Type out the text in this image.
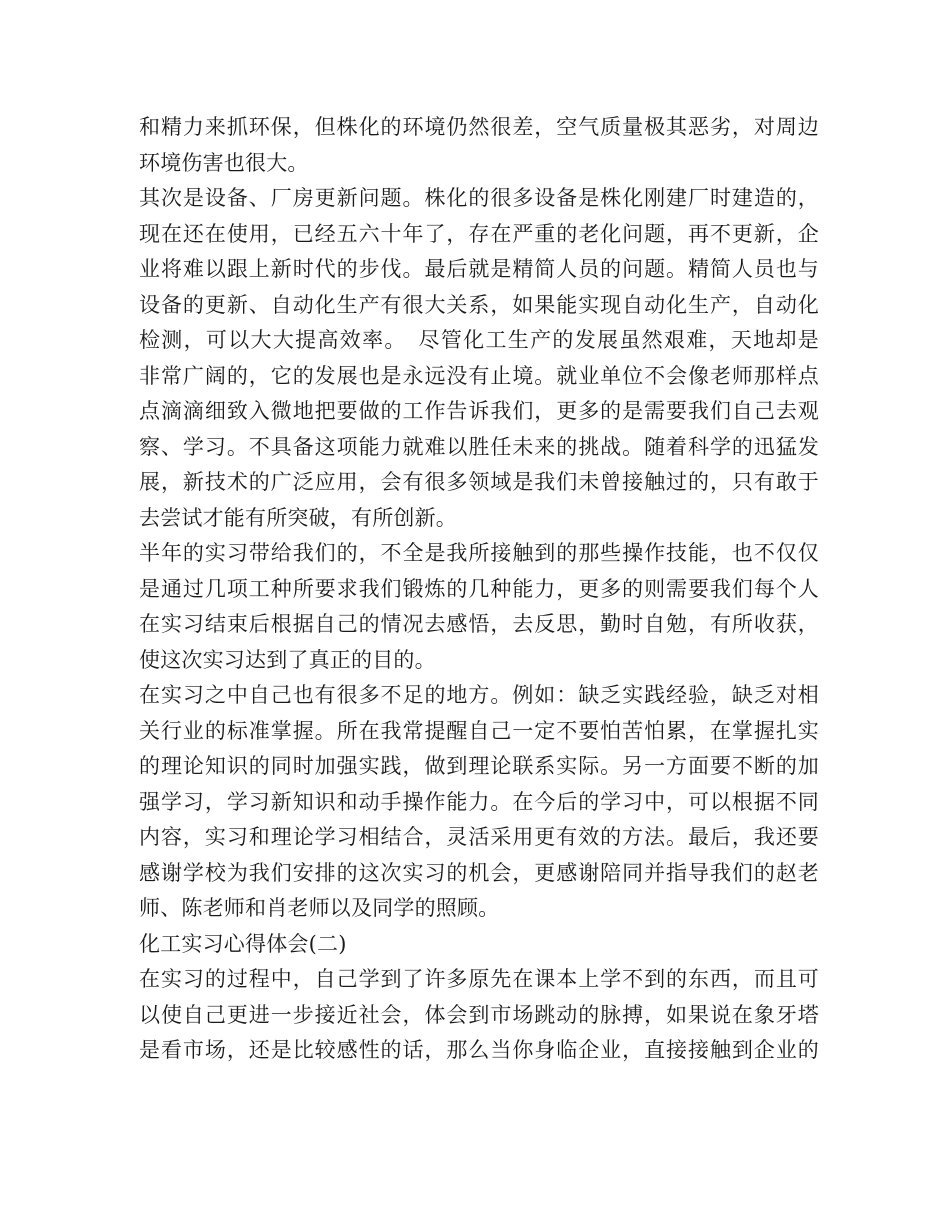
和精力来抓环保，但株化的环境仍然很差，空气质量极其恶劣，对周边
环境伤害也很大。
其次是设备、厂房更新问题。株化的很多设备是株化刚建厂时建造的，
现在还在使用，已经五六十年了，存在严重的老化问题，再不更新，企
业将难以跟上新时代的步伐。最后就是精简人员的问题。精简人员也与
设备的更新、自动化生产有很大关系，如果能实现自动化生产，自动化
检测，可以大大提高效率。　尽管化工生产的发展虽然艰难，天地却是
非常广阔的，它的发展也是永远没有止境。就业单位不会像老师那样点
点滴滴细致入微地把要做的工作告诉我们，更多的是需要我们自己去观
察、学习。不具备这项能力就难以胜任未来的挑战。随着科学的迅猛发
展，新技术的广泛应用，会有很多领域是我们未曾接触过的，只有敢于
去尝试才能有所突破，有所创新。
半年的实习带给我们的，不全是我所接触到的那些操作技能，也不仅仅
是通过几项工种所要求我们锻炼的几种能力，更多的则需要我们每个人
在实习结束后根据自己的情况去感悟，去反思，勤时自勉，有所收获，
使这次实习达到了真正的目的。
在实习之中自己也有很多不足的地方。例如：缺乏实践经验，缺乏对相
关行业的标准掌握。所在我常提醒自己一定不要怕苦怕累，在掌握扎实
的理论知识的同时加强实践，做到理论联系实际。另一方面要不断的加
强学习，学习新知识和动手操作能力。在今后的学习中，可以根据不同
内容，实习和理论学习相结合，灵活采用更有效的方法。最后，我还要
感谢学校为我们安排的这次实习的机会，更感谢陪同并指导我们的赵老
师、陈老师和肖老师以及同学的照顾。
化工实习心得体会(二)
在实习的过程中，自己学到了许多原先在课本上学不到的东西，而且可
以使自己更进一步接近社会，体会到市场跳动的脉搏，如果说在象牙塔
是看市场，还是比较感性的话，那么当你身临企业，直接接触到企业的
